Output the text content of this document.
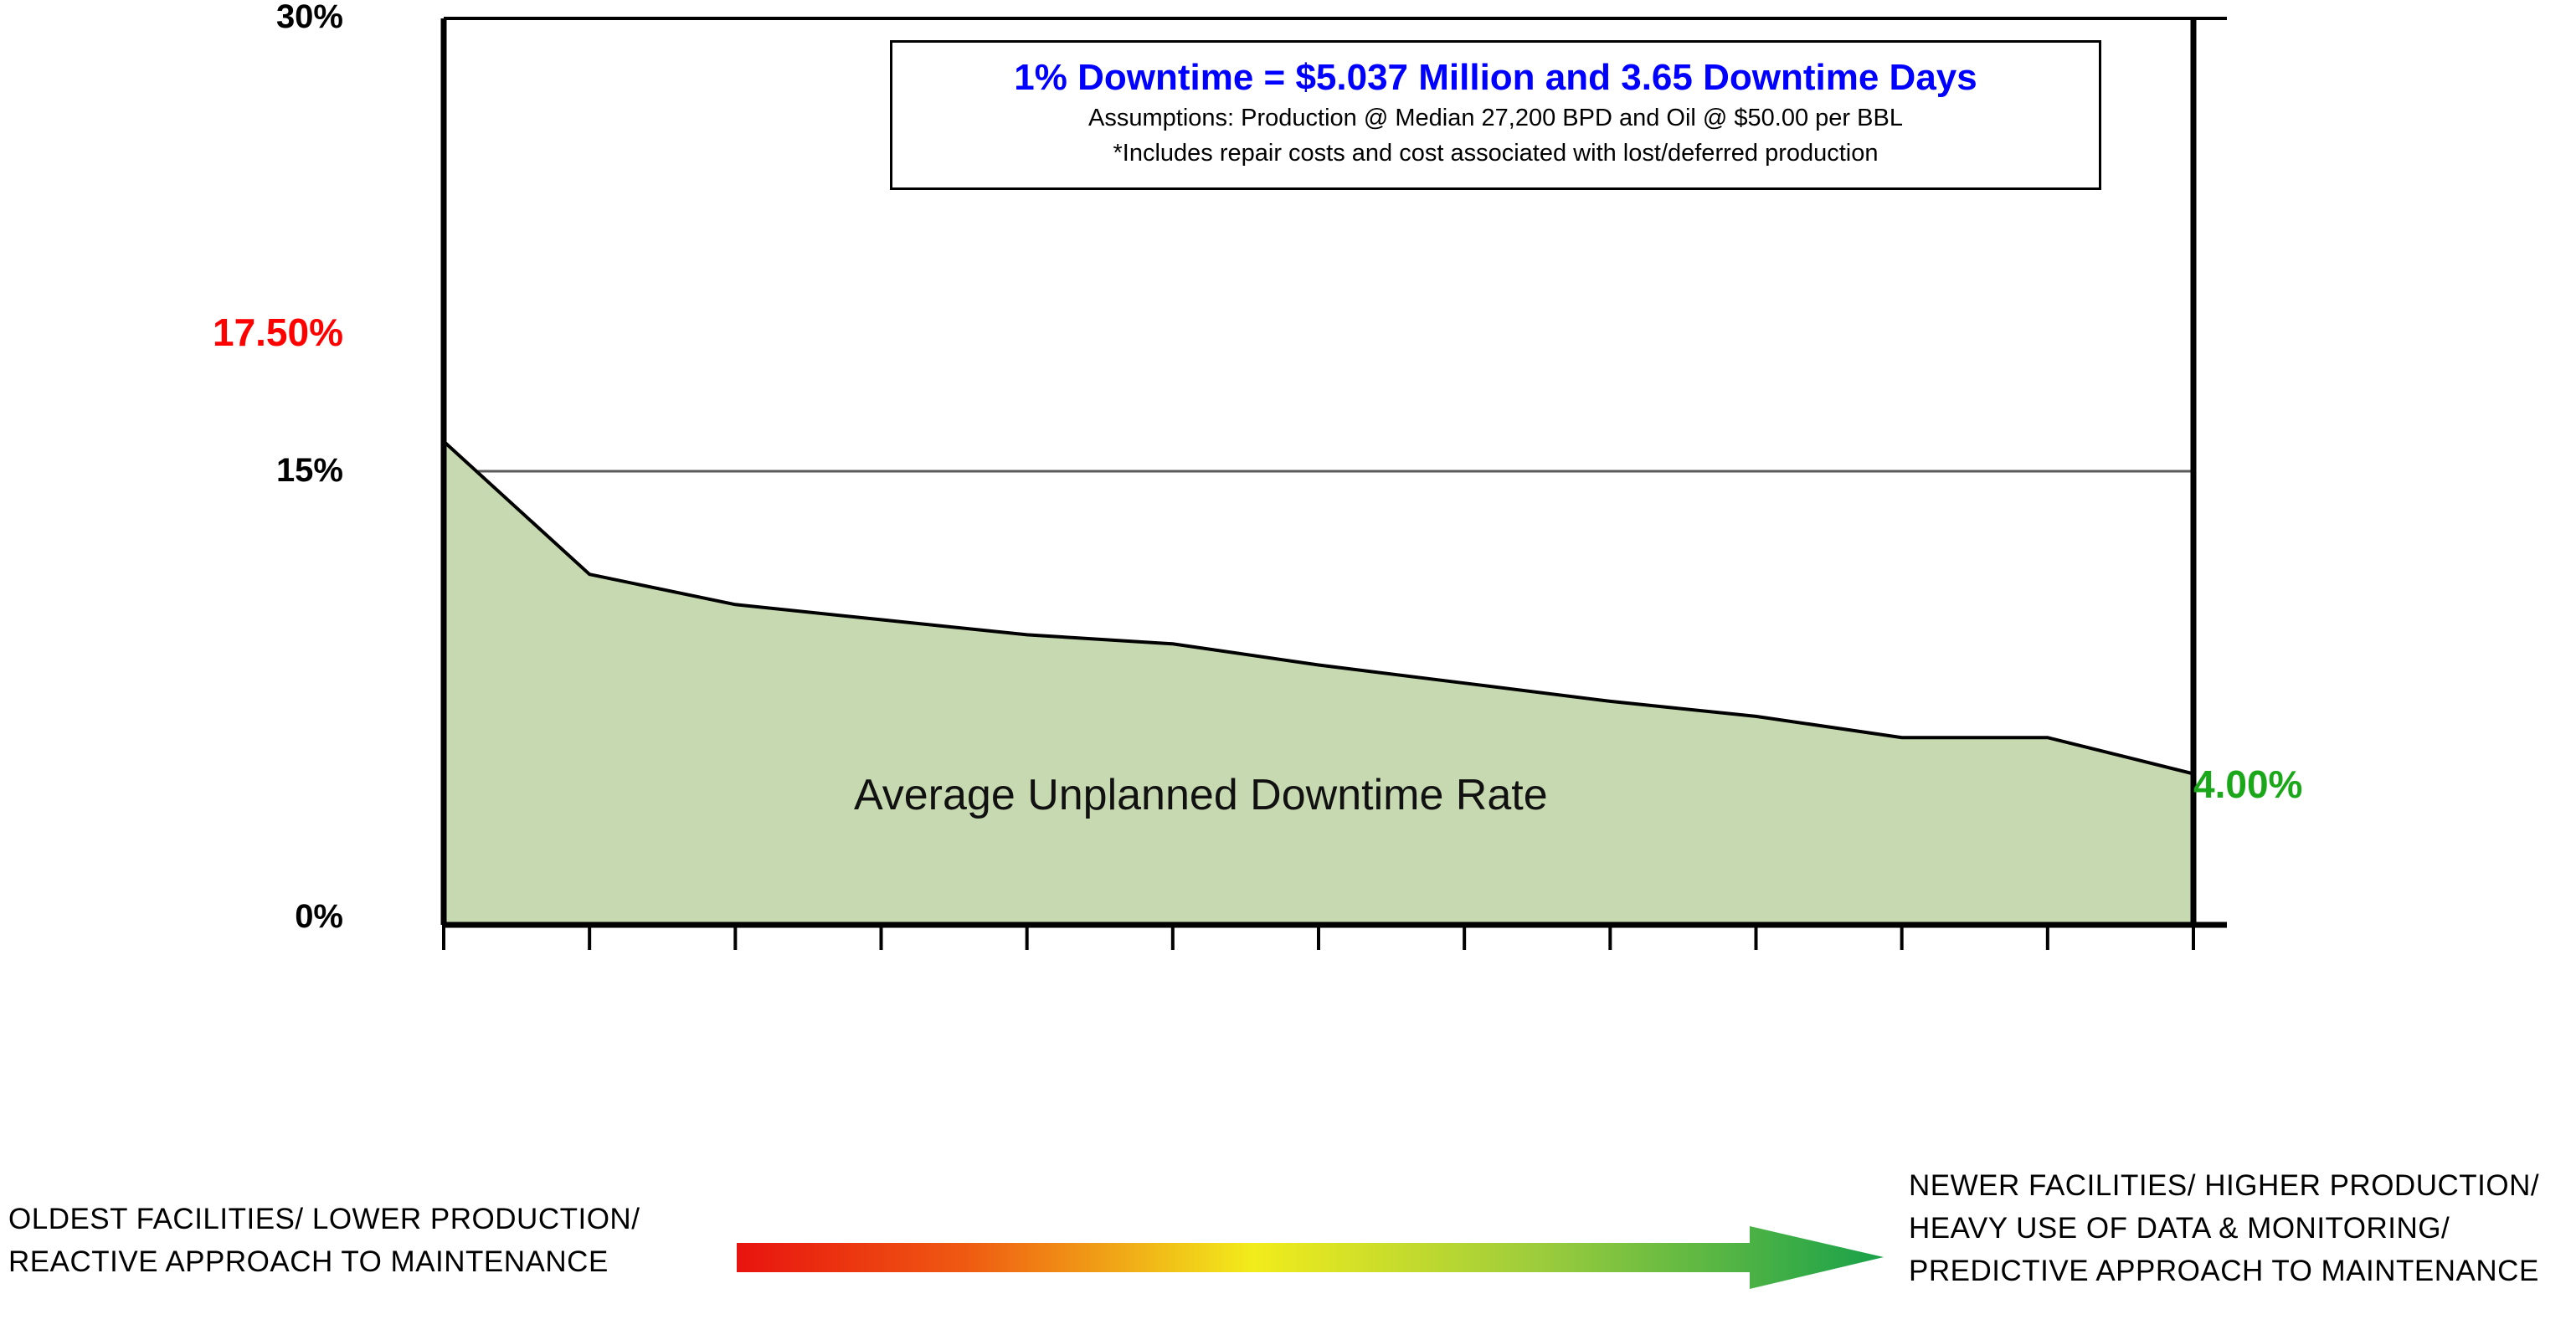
30%
15%
0%
17.50%
4.00%
Average Unplanned Downtime Rate
1% Downtime = $5.037 Million and 3.65 Downtime Days
Assumptions: Production @ Median 27,200 BPD and Oil @ $50.00 per BBL
*Includes repair costs and cost associated with lost/deferred production
OLDEST FACILITIES/ LOWER PRODUCTION/
REACTIVE APPROACH TO MAINTENANCE
NEWER FACILITIES/ HIGHER PRODUCTION/
HEAVY USE OF DATA & MONITORING/
PREDICTIVE APPROACH TO MAINTENANCE
